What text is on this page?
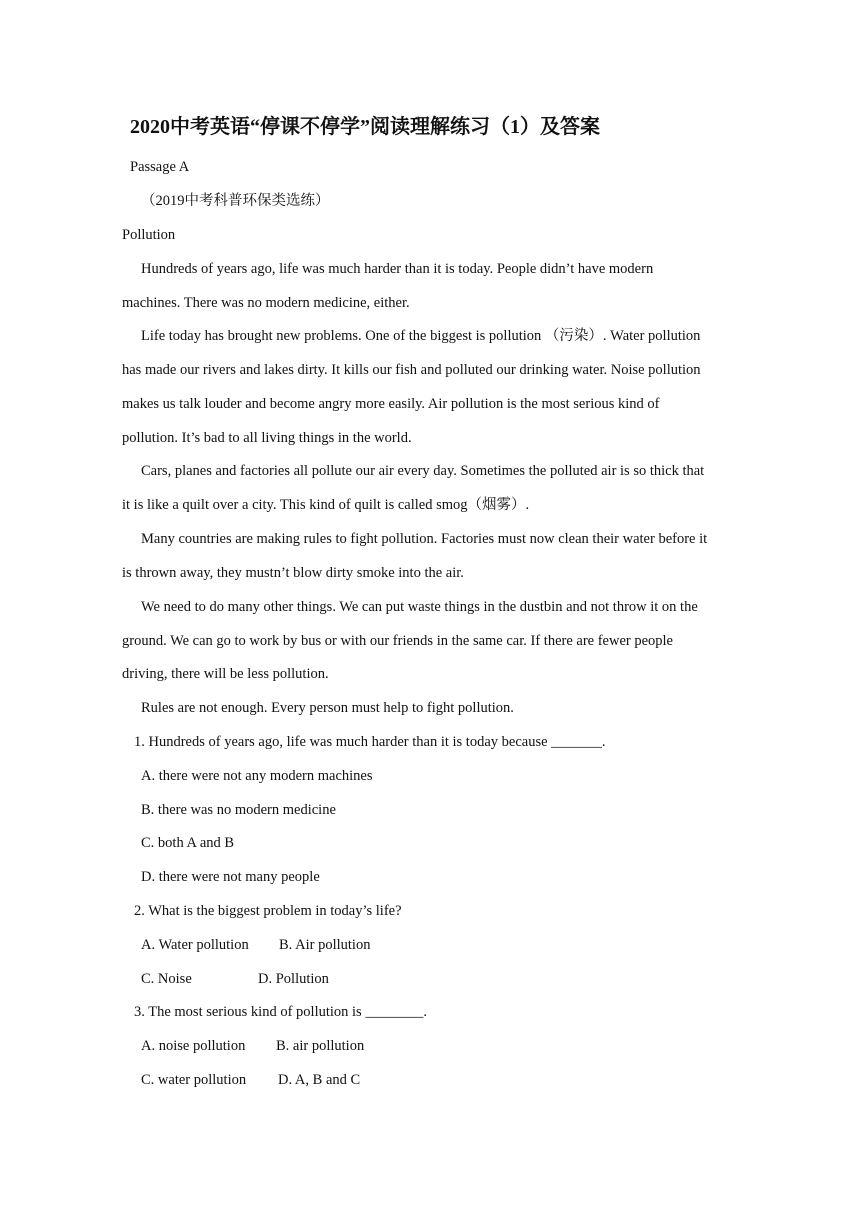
2020中考英语“停课不停学”阅读理解练习（1）及答案
Passage A
（2019中考科普环保类选练）
Pollution
Hundreds of years ago, life was much harder than it is today. People didn’t have modern
machines. There was no modern medicine, either.
Life today has brought new problems. One of the biggest is pollution （污染）. Water pollution
has made our rivers and lakes dirty. It kills our fish and polluted our drinking water. Noise pollution
makes us talk louder and become angry more easily. Air pollution is the most serious kind of
pollution. It’s bad to all living things in the world.
Cars, planes and factories all pollute our air every day. Sometimes the polluted air is so thick that
it is like a quilt over a city. This kind of quilt is called smog（烟雾）.
Many countries are making rules to fight pollution. Factories must now clean their water before it
is thrown away, they mustn’t blow dirty smoke into the air.
We need to do many other things. We can put waste things in the dustbin and not throw it on the
ground. We can go to work by bus or with our friends in the same car. If there are fewer people
driving, there will be less pollution.
Rules are not enough. Every person must help to fight pollution.
1. Hundreds of years ago, life was much harder than it is today because _______.
A. there were not any modern machines
B. there was no modern medicine
C. both A and B
D. there were not many people
2. What is the biggest problem in today’s life?
A. Water pollution B. Air pollution
C. Noise	D. Pollution
3. The most serious kind of pollution is ________.
A. noise pollution B. air pollution
C. water pollution D. A, B and C
